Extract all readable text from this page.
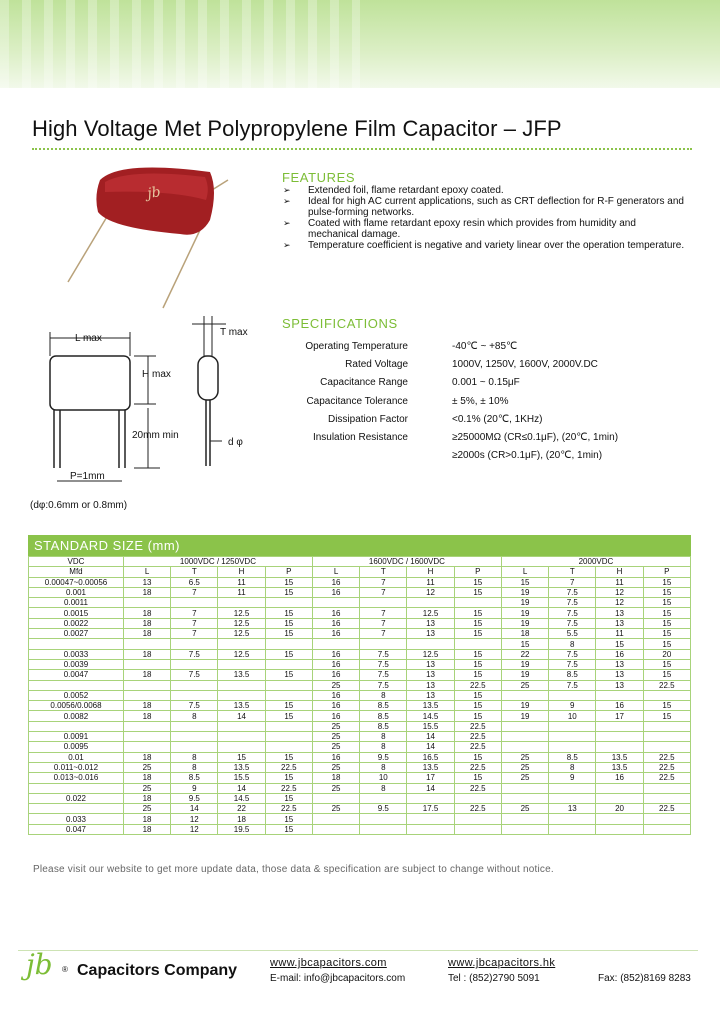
High Voltage Met Polypropylene Film Capacitor – JFP
jb
L max
P=1mm
H max
20mm min
T max
d φ
(dφ:0.6mm or 0.8mm)
FEATURES
➢ Extended foil, flame retardant epoxy coated.
➢ Ideal for high AC current applications, such as CRT deflection for R-F generators and pulse-forming networks.
➢ Coated with flame retardant epoxy resin which provides from humidity and mechanical damage.
➢ Temperature coefficient is negative and variety linear over the operation temperature.
SPECIFICATIONS
Operating Temperature	-40℃ ~ +85℃
Rated Voltage	1000V, 1250V, 1600V, 2000V.DC
Capacitance Range	0.001 ~ 0.15μF
Capacitance Tolerance	± 5%, ± 10%
Dissipation Factor	<0.1% (20℃, 1KHz)
Insulation Resistance	≥25000MΩ (CR≤0.1μF), (20℃, 1min)
≥2000s (CR>0.1μF), (20℃, 1min)
STANDARD SIZE (mm)
VDC	1000VDC / 1250VDC				1600VDC / 1600VDC				2000VDC			
Mfd	L	T	H	P	L	T	H	P	L	T	H	P
0.00047~0.00056	13	6.5	11	15	16	7	11	15	15	7	11	15
0.001	18	7	11	15	16	7	12	15	19	7.5	12	15
0.0011									19	7.5	12	15
0.0015	18	7	12.5	15	16	7	12.5	15	19	7.5	13	15
0.0022	18	7	12.5	15	16	7	13	15	19	7.5	13	15
0.0027	18	7	12.5	15	16	7	13	15	18	5.5	11	15
									15	8	15	15
0.0033	18	7.5	12.5	15	16	7.5	12.5	15	22	7.5	16	20
0.0039					16	7.5	13	15	19	7.5	13	15
0.0047	18	7.5	13.5	15	16	7.5	13	15	19	8.5	13	15
					25	7.5	13	22.5	25	7.5	13	22.5
0.0052					16	8	13	15				
0.0056/0.0068	18	7.5	13.5	15	16	8.5	13.5	15	19	9	16	15
0.0082	18	8	14	15	16	8.5	14.5	15	19	10	17	15
					25	8.5	15.5	22.5				
0.0091					25	8	14	22.5				
0.0095					25	8	14	22.5				
0.01	18	8	15	15	16	9.5	16.5	15	25	8.5	13.5	22.5
0.011~0.012	25	8	13.5	22.5	25	8	13.5	22.5	25	8	13.5	22.5
0.013~0.016	18	8.5	15.5	15	18	10	17	15	25	9	16	22.5
	25	9	14	22.5	25	8	14	22.5				
0.022	18	9.5	14.5	15								
	25	14	22	22.5	25	9.5	17.5	22.5	25	13	20	22.5
0.033	18	12	18	15								
0.047	18	12	19.5	15								
Please visit our website to get more update data, those data & specification are subject to change without notice.
jb ® Capacitors Company	www.jbcapacitors.com	www.jbcapacitors.hk
E-mail: info@jbcapacitors.com	Tel : (852)2790 5091	Fax: (852)8169 8283
